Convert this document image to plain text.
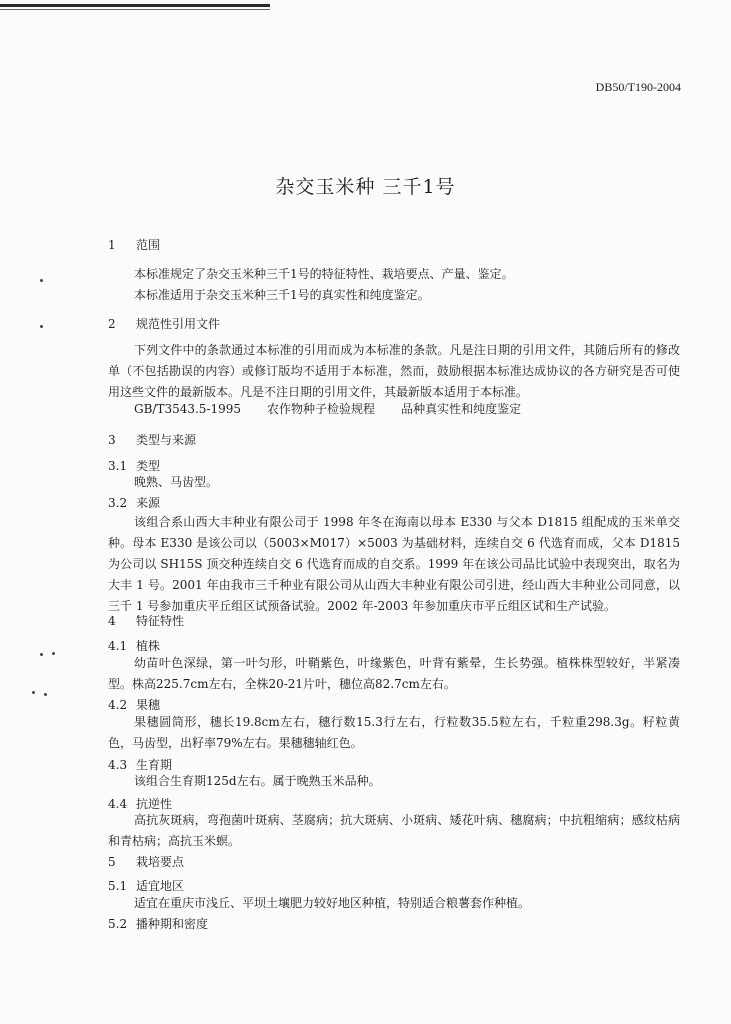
DB50/T190-2004
杂交玉米种 三千1号
1 范围
本标准规定了杂交玉米种三千1号的特征特性、栽培要点、产量、鉴定。
本标准适用于杂交玉米种三千1号的真实性和纯度鉴定。
2 规范性引用文件
下列文件中的条款通过本标准的引用而成为本标准的条款。凡是注日期的引用文件，其随后所有的修改单（不包括勘误的内容）或修订版均不适用于本标准，然而，鼓励根据本标准达成协议的各方研究是否可使用这些文件的最新版本。凡是不注日期的引用文件，其最新版本适用于本标准。
GB/T3543.5-1995 农作物种子检验规程 品种真实性和纯度鉴定
3 类型与来源
3.1 类型
晚熟、马齿型。
3.2 来源
该组合系山西大丰种业有限公司于 1998 年冬在海南以母本 E330 与父本 D1815 组配成的玉米单交种。母本 E330 是该公司以（5003×M017）×5003 为基础材料，连续自交 6 代选育而成，父本 D1815 为公司以 SH15S 顶交种连续自交 6 代选育而成的自交系。1999 年在该公司品比试验中表现突出，取名为大丰 1 号。2001 年由我市三千种业有限公司从山西大丰种业有限公司引进，经山西大丰种业公司同意，以三千 1 号参加重庆平丘组区试预备试验。2002 年-2003 年参加重庆市平丘组区试和生产试验。
4 特征特性
4.1 植株
幼苗叶色深绿，第一叶匀形，叶鞘紫色，叶缘紫色，叶背有紫晕，生长势强。植株株型较好，半紧凑型。株高225.7cm左右，全株20-21片叶，穗位高82.7cm左右。
4.2 果穗
果穗圆筒形，穗长19.8cm左右，穗行数15.3行左右，行粒数35.5粒左右，千粒重298.3g。籽粒黄色，马齿型，出籽率79%左右。果穗穗轴红色。
4.3 生育期
该组合生育期125d左右。属于晚熟玉米品种。
4.4 抗逆性
高抗灰斑病，弯孢菌叶斑病、茎腐病；抗大斑病、小斑病、矮花叶病、穗腐病；中抗粗缩病；感纹枯病和青枯病；高抗玉米螟。
5 栽培要点
5.1 适宜地区
适宜在重庆市浅丘、平坝土壤肥力较好地区种植，特别适合粮薯套作种植。
5.2 播种期和密度
